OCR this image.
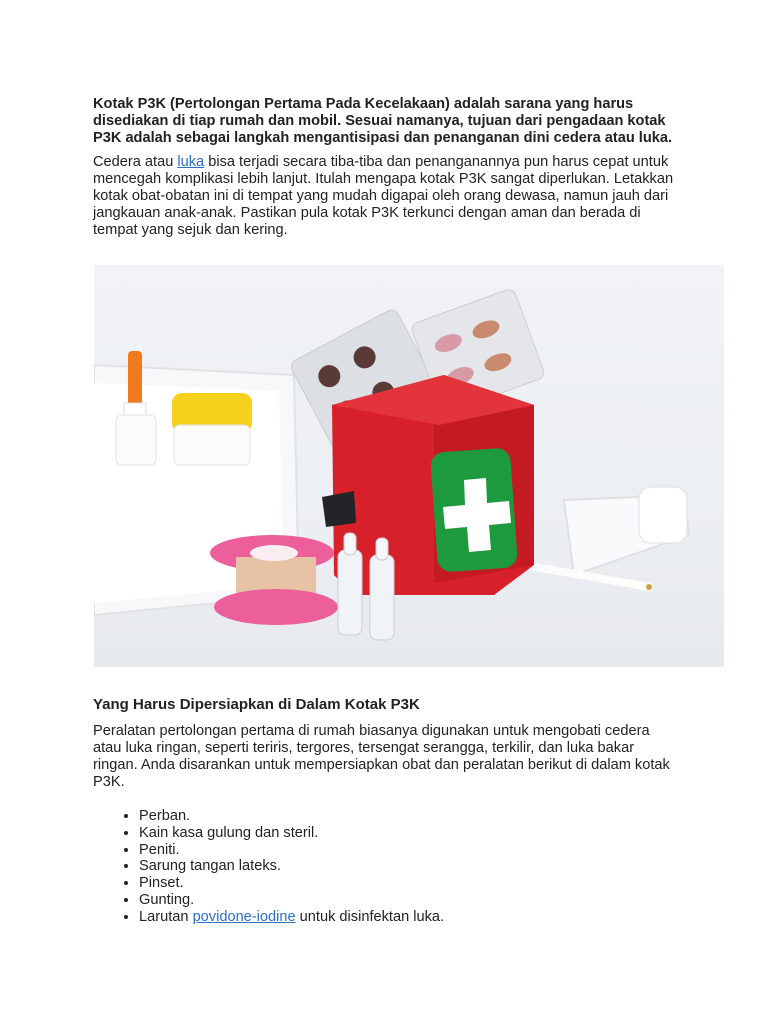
Kotak P3K (Pertolongan Pertama Pada Kecelakaan) adalah sarana yang harus disediakan di tiap rumah dan mobil. Sesuai namanya, tujuan dari pengadaan kotak P3K adalah sebagai langkah mengantisipasi dan penanganan dini cedera atau luka.

Cedera atau luka bisa terjadi secara tiba-tiba dan penanganannya pun harus cepat untuk mencegah komplikasi lebih lanjut. Itulah mengapa kotak P3K sangat diperlukan. Letakkan kotak obat-obatan ini di tempat yang mudah digapai oleh orang dewasa, namun jauh dari jangkauan anak-anak. Pastikan pula kotak P3K terkunci dengan aman dan berada di tempat yang sejuk dan kering.

Yang Harus Dipersiapkan di Dalam Kotak P3K

Peralatan pertolongan pertama di rumah biasanya digunakan untuk mengobati cedera atau luka ringan, seperti teriris, tergores, tersengat serangga, terkilir, dan luka bakar ringan. Anda disarankan untuk mempersiapkan obat dan peralatan berikut di dalam kotak P3K.

• Perban.
• Kain kasa gulung dan steril.
• Peniti.
• Sarung tangan lateks.
• Pinset.
• Gunting.
• Larutan povidone-iodine untuk disinfektan luka.
